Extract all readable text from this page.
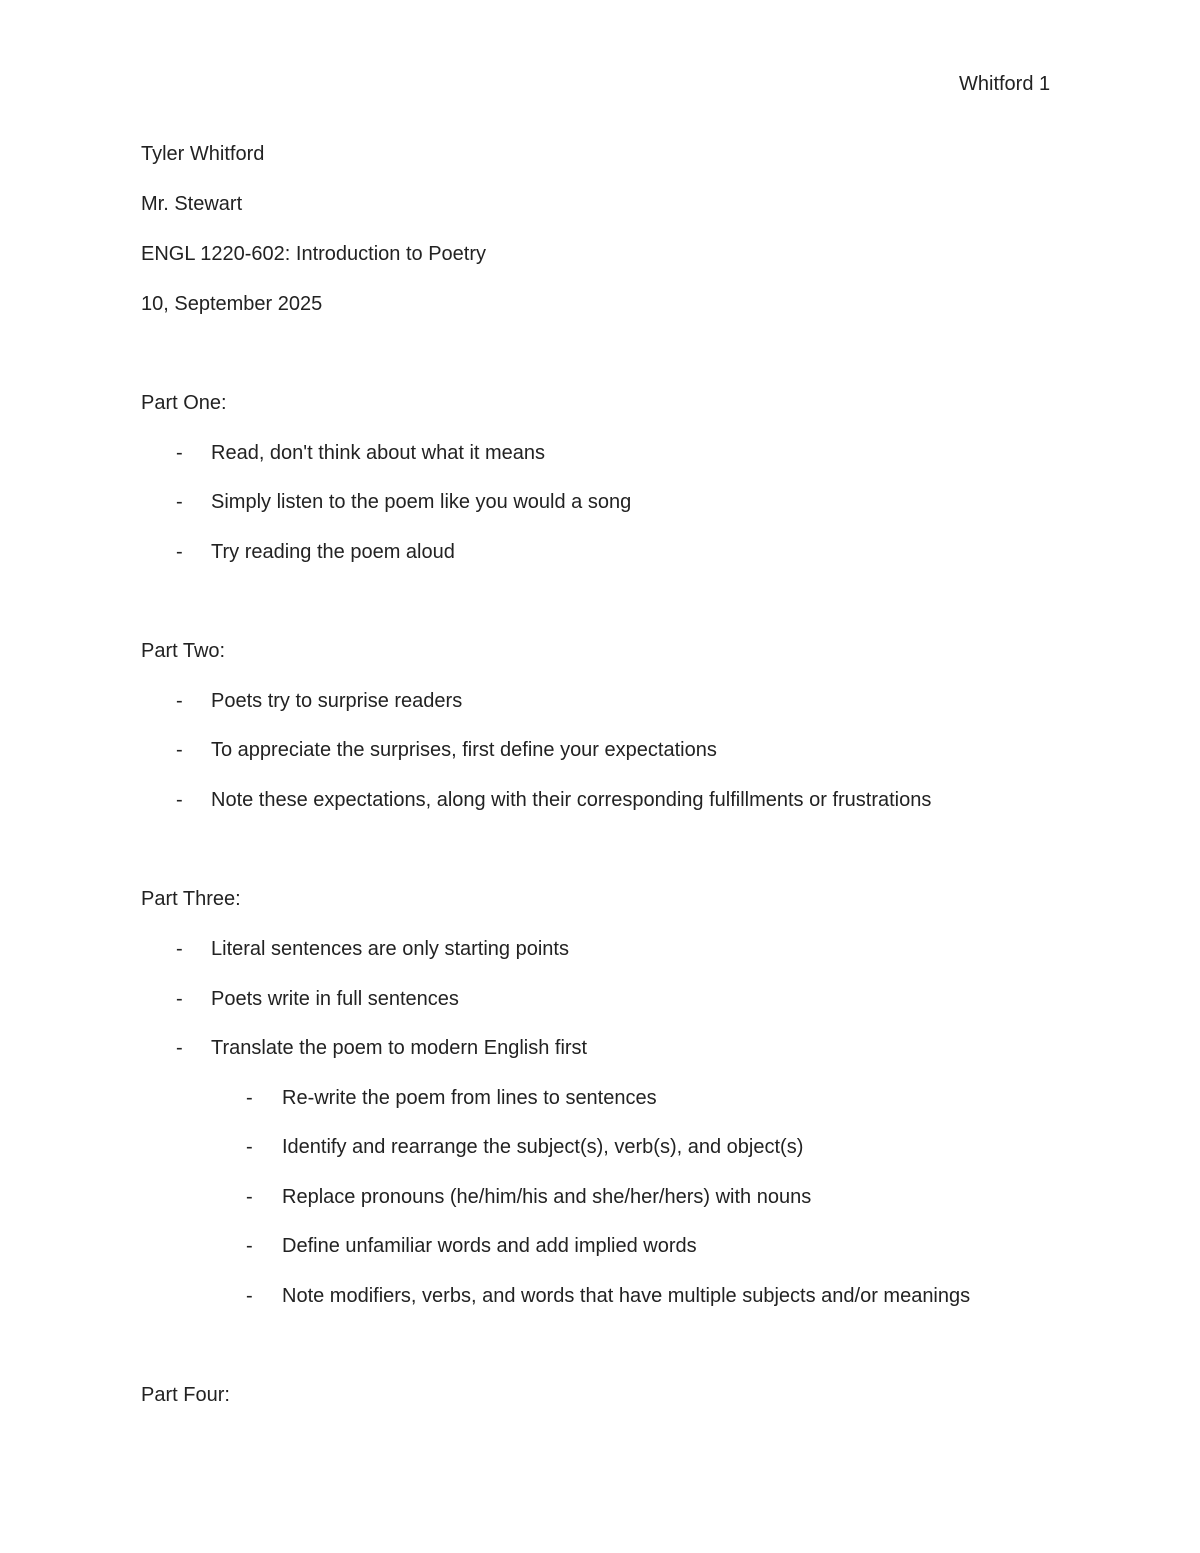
Whitford 1
Tyler Whitford
Mr. Stewart
ENGL 1220-602: Introduction to Poetry
10, September 2025
Part One:
- Read, don't think about what it means
- Simply listen to the poem like you would a song
- Try reading the poem aloud
Part Two:
- Poets try to surprise readers
- To appreciate the surprises, first define your expectations
- Note these expectations, along with their corresponding fulfillments or frustrations
Part Three:
- Literal sentences are only starting points
- Poets write in full sentences
- Translate the poem to modern English first
- Re-write the poem from lines to sentences
- Identify and rearrange the subject(s), verb(s), and object(s)
- Replace pronouns (he/him/his and she/her/hers) with nouns
- Define unfamiliar words and add implied words
- Note modifiers, verbs, and words that have multiple subjects and/or meanings
Part Four:
